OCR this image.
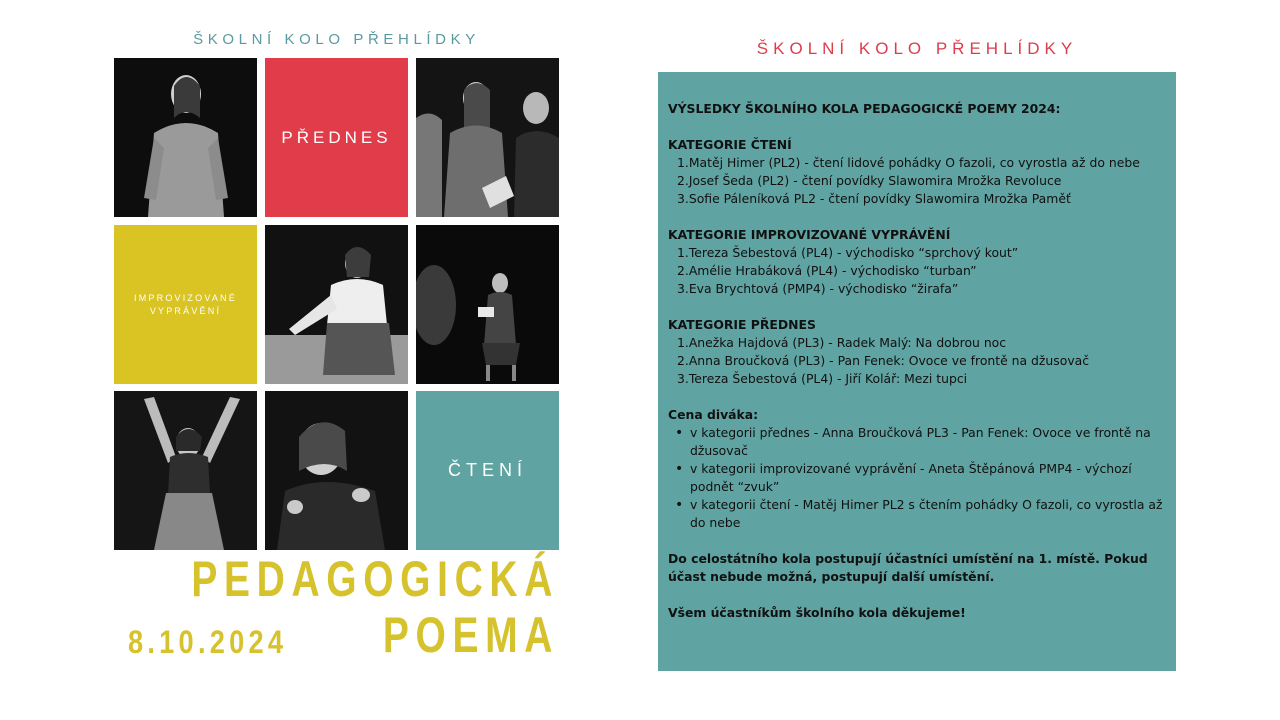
ŠKOLNÍ KOLO PŘEHLÍDKY
PŘEDNES
IMPROVIZOVANÉ
VYPRÁVĚNÍ
ČTENÍ
PEDAGOGICKÁ
POEMA
8.10.2024
ŠKOLNÍ KOLO PŘEHLÍDKY
VÝSLEDKY ŠKOLNÍHO KOLA PEDAGOGICKÉ POEMY 2024:
KATEGORIE ČTENÍ
1.Matěj Himer (PL2) - čtení lidové pohádky O fazoli, co vyrostla až do nebe
2.Josef Šeda (PL2) - čtení povídky Slawomira Mrožka Revoluce
3.Sofie Páleníková PL2 - čtení povídky Slawomira Mrožka Paměť
KATEGORIE IMPROVIZOVANÉ VYPRÁVĚNÍ
1.Tereza Šebestová (PL4) - východisko “sprchový kout”
2.Amélie Hrabáková (PL4) - východisko “turban”
3.Eva Brychtová (PMP4) - východisko “žirafa”
KATEGORIE PŘEDNES
1.Anežka Hajdová (PL3) - Radek Malý: Na dobrou noc
2.Anna Broučková (PL3) - Pan Fenek: Ovoce ve frontě na džusovač
3.Tereza Šebestová (PL4) - Jiří Kolář: Mezi tupci
Cena diváka:
• v kategorii přednes - Anna Broučková PL3 - Pan Fenek: Ovoce ve frontě na džusovač
• v kategorii improvizované vyprávění - Aneta Štěpánová PMP4 - výchozí podnět “zvuk”
• v kategorii čtení - Matěj Himer PL2 s čtením pohádky O fazoli, co vyrostla až do nebe
Do celostátního kola postupují účastníci umístění na 1. místě. Pokud účast nebude možná, postupují další umístění.
Všem účastníkům školního kola děkujeme!
